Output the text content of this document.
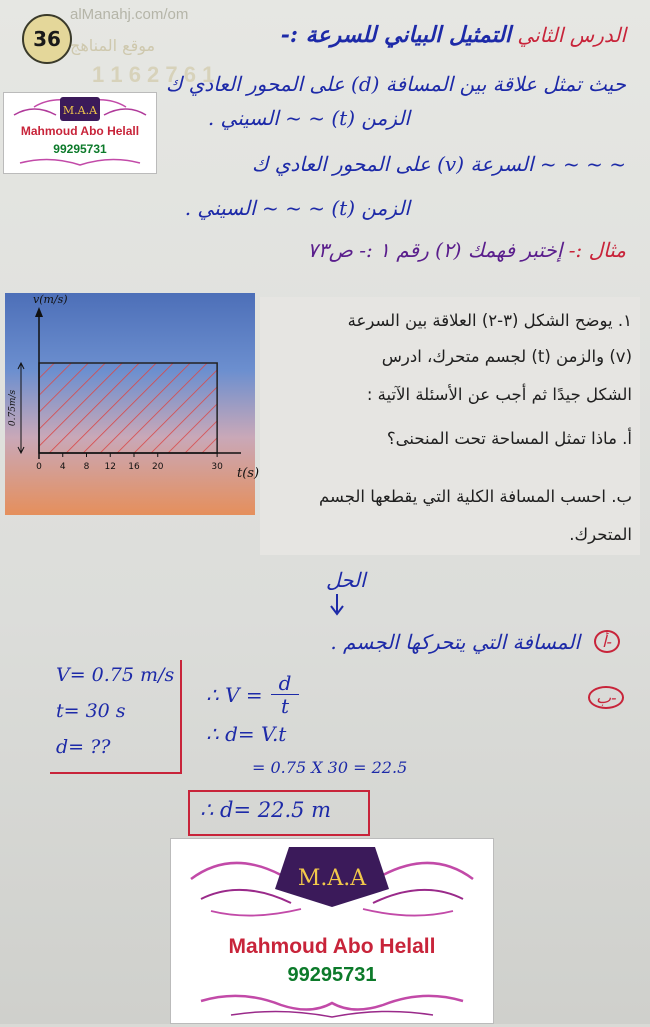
36
alManahj.com/om
موقع المناهج
1 1 6 2 7 6 1
M.A.A
Mahmoud Abo Helall
99295731
الدرس الثاني التمثيل البياني للسرعة :-
حيث تمثل علاقة بين المسافة (d) على المحور العادي ك
الزمن (t) ~ ~ السيني .
~ ~ ~ ~ السرعة (v) على المحور العادي ك
الزمن (t) ~ ~ ~ السيني .
مثال :- إختبر فهمك (٢) رقم ١ :- ص٧٣
0 4 8 12 16 20	30 t(s)
v(m/s)
0.75m/s
١. يوضح الشكل (٣-٢) العلاقة بين السرعة
(v) والزمن (t) لجسم متحرك، ادرس
الشكل جيدًا ثم أجب عن الأسئلة الآتية :
أ. ماذا تمثل المساحة تحت المنحنى؟
ب. احسب المسافة الكلية التي يقطعها الجسم
المتحرك.
الحل
المسافة التي يتحركها الجسم .	أ-
ب-
V= 0.75 m/s
t= 30 s
d= ??
∴ $V = \frac{d}{t}$
∴ d= V.t
= 0.75 X 30 = 22.5
∴ d= 22.5 m
M.A.A
Mahmoud Abo Helall
99295731
